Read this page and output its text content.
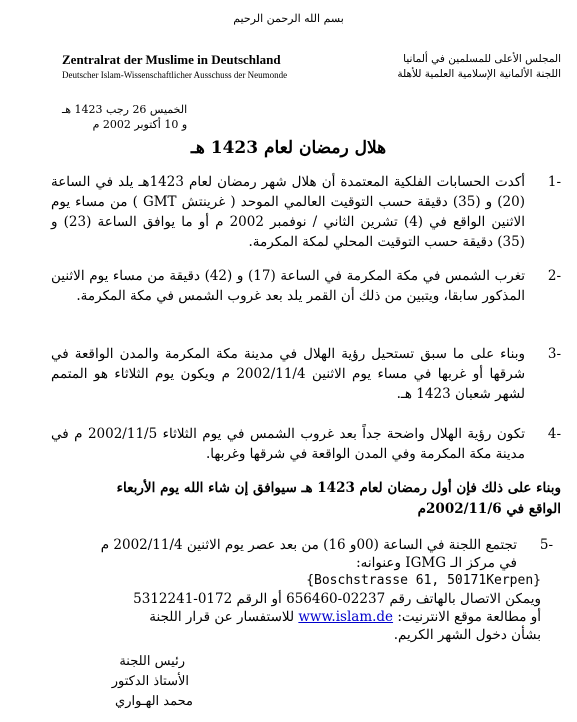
بسم الله الرحمن الرحيم
Zentralrat der Muslime in Deutschland
Deutscher Islam-Wissenschaftlicher Ausschuss der Neumonde
المجلس الأعلى للمسلمين في ألمانيا
اللجنة الألمانية الإسلامية العلمية للأهلة
الخميس 26 رجب 1423 هـ
و 10 أكتوبر 2002 م
هلال رمضان لعام 1423 هـ
-1
أكدت الحسابات الفلكية المعتمدة أن هلال شهر رمضان لعام 1423هـ يلد في الساعة (20) و (35) دقيقة حسب التوقيت العالمي الموحد ( غرينتش GMT ) من مساء يوم الاثنين الواقع في (4) تشرين الثاني / نوفمبر 2002 م أو ما يوافق الساعة (23) و (35) دقيقة حسب التوقيت المحلي لمكة المكرمة.
-2
تغرب الشمس في مكة المكرمة في الساعة (17) و (42) دقيقة من مساء يوم الاثنين المذكور سابقا، ويتبين من ذلك أن القمر يلد بعد غروب الشمس في مكة المكرمة.
-3
وبناء على ما سبق تستحيل رؤية الهلال في مدينة مكة المكرمة والمدن الواقعة في شرقها أو غربها في مساء يوم الاثنين 2002/11/4 م ويكون يوم الثلاثاء هو المتمم لشهر شعبان 1423 هـ.
-4
تكون رؤية الهلال واضحة جداً بعد غروب الشمس في يوم الثلاثاء 2002/11/5 م في مدينة مكة المكرمة وفي المدن الواقعة في شرقها وغربها.
وبناء على ذلك فإن أول رمضان لعام 1423 هـ سيوافق إن شاء الله يوم الأربعاء الواقع في 2002/11/6م
-5
تجتمع اللجنة في الساعة (00و 16) من بعد عصر يوم الاثنين 2002/11/4 م
في مركز الـ IGMG وعنوانه:
{Boschstrasse 61, 50171Kerpen}
ويمكن الاتصال بالهاتف رقم 02237-656460 أو الرقم 0172-5312241
أو مطالعة موقع الانترنيت: www.islam.de للاستفسار عن قرار اللجنة
بشأن دخول الشهر الكريم.
رئيس اللجنة
الأستاذ الدكتور
محمد الهـواري
